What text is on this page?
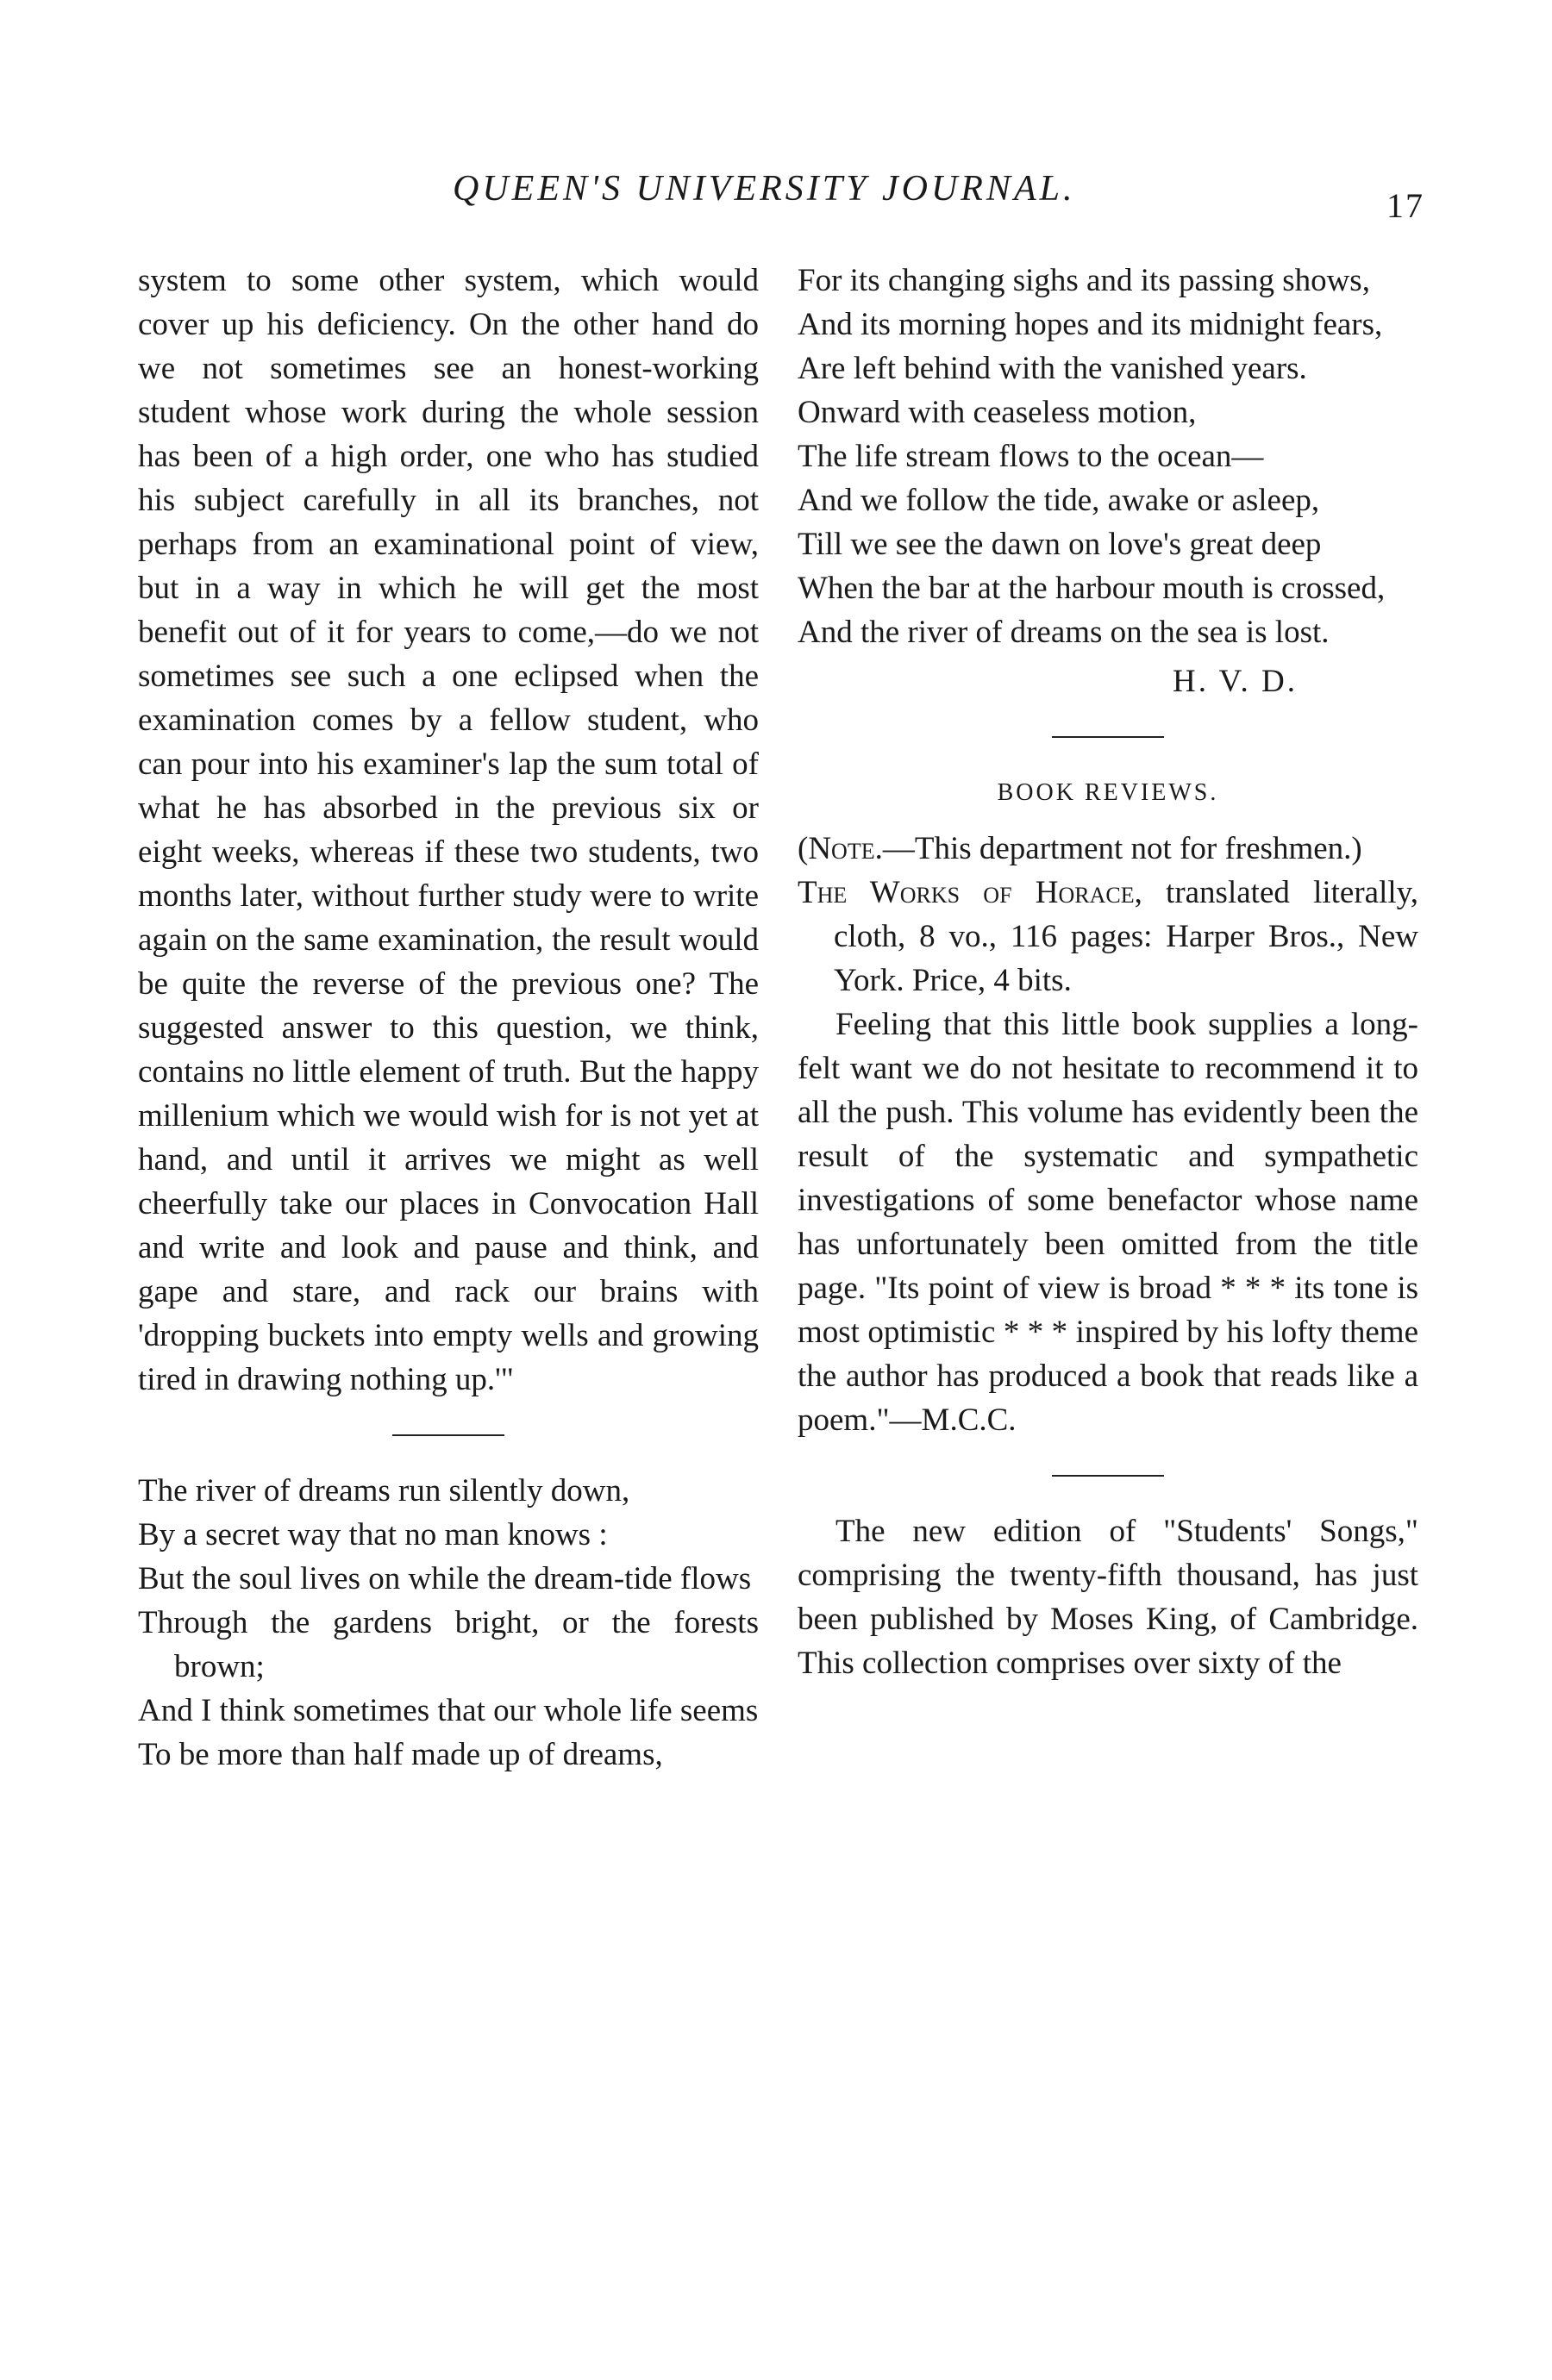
QUEEN'S UNIVERSITY JOURNAL.	17

system to some other system, which would cover up his deficiency. On the other hand do we not sometimes see an honest-working student whose work during the whole session has been of a high order, one who has studied his subject carefully in all its branches, not perhaps from an examinational point of view, but in a way in which he will get the most benefit out of it for years to come,—do we not sometimes see such a one eclipsed when the examination comes by a fellow student, who can pour into his examiner's lap the sum total of what he has absorbed in the previous six or eight weeks, whereas if these two students, two months later, without further study were to write again on the same examination, the result would be quite the reverse of the previous one? The suggested answer to this question, we think, contains no little element of truth. But the happy millenium which we would wish for is not yet at hand, and until it arrives we might as well cheerfully take our places in Convocation Hall and write and look and pause and think, and gape and stare, and rack our brains with 'dropping buckets into empty wells and growing tired in drawing nothing up.'"

The river of dreams run silently down,
By a secret way that no man knows :
But the soul lives on while the dream-tide flows
Through the gardens bright, or the forests brown;
And I think sometimes that our whole life seems
To be more than half made up of dreams,
For its changing sighs and its passing shows,
And its morning hopes and its midnight fears,
Are left behind with the vanished years.
Onward with ceaseless motion,
The life stream flows to the ocean—
And we follow the tide, awake or asleep,
Till we see the dawn on love's great deep
When the bar at the harbour mouth is crossed,
And the river of dreams on the sea is lost.
H. V. D.
BOOK REVIEWS.

(Note.—This department not for freshmen.)

The Works of Horace, translated literally, cloth, 8 vo., 116 pages: Harper Bros., New York. Price, 4 bits.

Feeling that this little book supplies a long-felt want we do not hesitate to recommend it to all the push. This volume has evidently been the result of the systematic and sympathetic investigations of some benefactor whose name has unfortunately been omitted from the title page. "Its point of view is broad * * * its tone is most optimistic * * * inspired by his lofty theme the author has produced a book that reads like a poem."—M.C.C.

The new edition of "Students' Songs," comprising the twenty-fifth thousand, has just been published by Moses King, of Cambridge. This collection comprises over sixty of the
